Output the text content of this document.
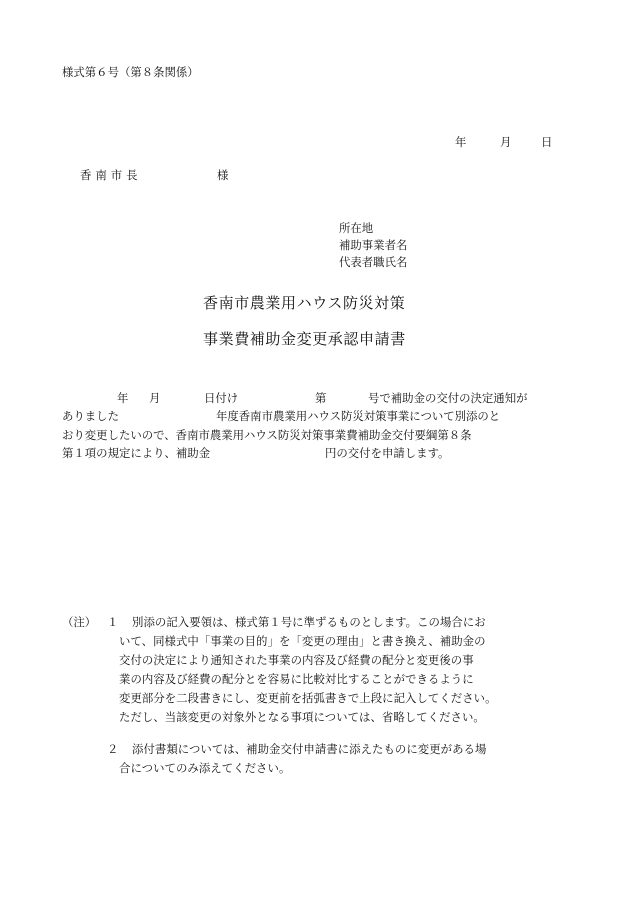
様式第６号（第８条関係）
年	月	日
香南市長	様
所在地
補助事業者名
代表者職氏名
香南市農業用ハウス防災対策
事業費補助金変更承認申請書
年 月	日付け	第	号で補助金の交付の決定通知が
ありました	年度香南市農業用ハウス防災対策事業について別添のと
おり変更したいので、香南市農業用ハウス防災対策事業費補助金交付要綱第８条
第１項の規定により、補助金	円の交付を申請します。
（注） １ 別添の記入要領は、様式第１号に準ずるものとします。この場合にお
いて、同様式中「事業の目的」を「変更の理由」と書き換え、補助金の
交付の決定により通知された事業の内容及び経費の配分と変更後の事
業の内容及び経費の配分とを容易に比較対比することができるように
変更部分を二段書きにし、変更前を括弧書きで上段に記入してください。
ただし、当該変更の対象外となる事項については、省略してください。
２ 添付書類については、補助金交付申請書に添えたものに変更がある場
合についてのみ添えてください。
